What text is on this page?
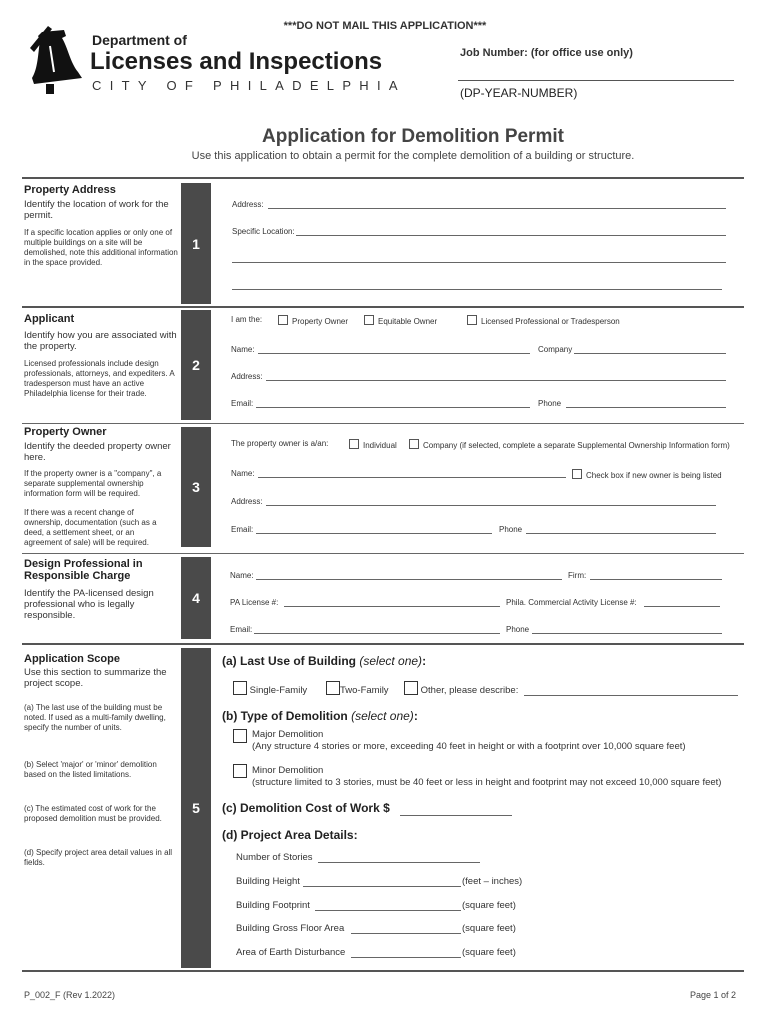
***DO NOT MAIL THIS APPLICATION***
Department of
Licenses and Inspections
CITY OF PHILADELPHIA
Job Number: (for office use only)
(DP-YEAR-NUMBER)
Application for Demolition Permit
Use this application to obtain a permit for the complete demolition of a building or structure.
Property Address
Identify the location of work for the permit.
If a specific location applies or only one of multiple buildings on a site will be demolished, note this additional information in the space provided.
1
Address:
Specific Location:
Applicant
Identify how you are associated with the property.
Licensed professionals include design professionals, attorneys, and expediters. A tradesperson must have an active Philadelphia license for their trade.
2
I am the:	Property Owner	Equitable Owner	Licensed Professional or Tradesperson
Name:	Company
Address:
Email:	Phone
Property Owner
Identify the deeded property owner here.
If the property owner is a "company", a separate supplemental ownership information form will be required.
If there was a recent change of ownership, documentation (such as a deed, a settlement sheet, or an agreement of sale) will be required.
3
The property owner is a/an:	Individual	Company (if selected, complete a separate Supplemental Ownership Information form)
Name:	Check box if new owner is being listed
Address:
Email:	Phone
Design Professional in Responsible Charge
Identify the PA-licensed design professional who is legally responsible.
4
Name:	Firm:
PA License #:	Phila. Commercial Activity License #:
Email:	Phone
Application Scope
Use this section to summarize the project scope.
(a) The last use of the building must be noted. If used as a multi-family dwelling, specify the number of units.
(b) Select 'major' or 'minor' demolition based on the listed limitations.
(c) The estimated cost of work for the proposed demolition must be provided.
(d) Specify project area detail values in all fields.
5
(a) Last Use of Building (select one):
Single-Family	Two-Family	Other, please describe:
(b) Type of Demolition (select one):
Major Demolition
(Any structure 4 stories or more, exceeding 40 feet in height or with a footprint over 10,000 square feet)
Minor Demolition
(structure limited to 3 stories, must be 40 feet or less in height and footprint may not exceed 10,000 square feet)
(c) Demolition Cost of Work $
(d) Project Area Details:
Number of Stories
Building Height	(feet – inches)
Building Footprint	(square feet)
Building Gross Floor Area	(square feet)
Area of Earth Disturbance	(square feet)
P_002_F (Rev 1.2022)	Page 1 of 2
